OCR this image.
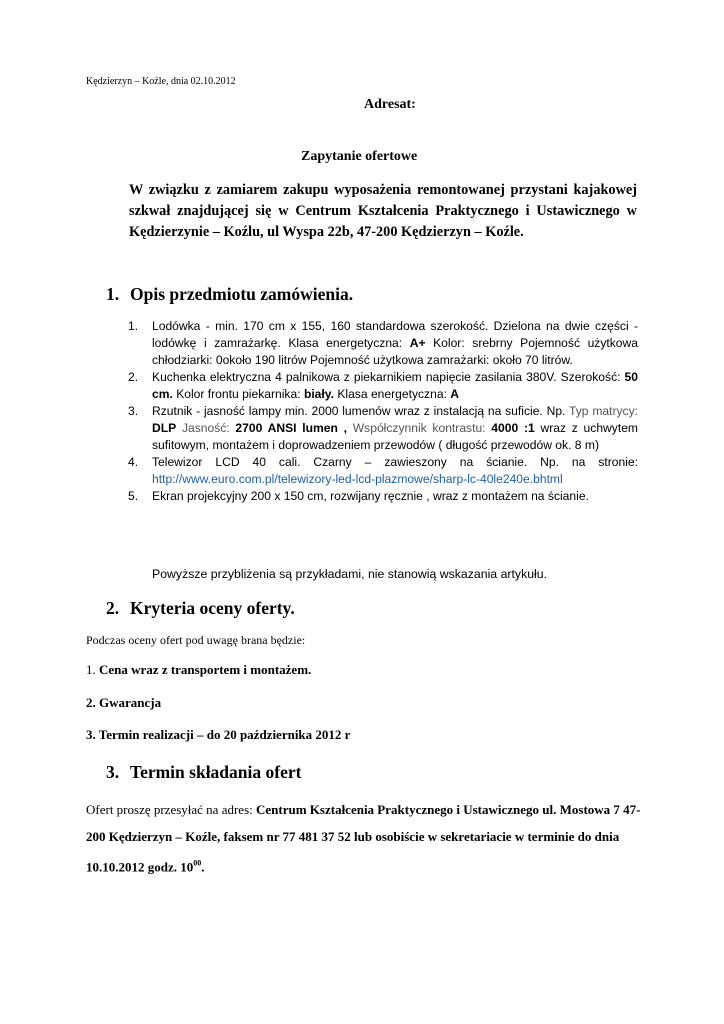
Kędzierzyn – Koźle, dnia 02.10.2012
Adresat:
Zapytanie ofertowe
W związku z zamiarem zakupu wyposażenia remontowanej przystani kajakowej szkwał znajdującej się w Centrum Kształcenia Praktycznego i Ustawicznego w Kędzierzynie – Koźlu, ul Wyspa 22b, 47-200 Kędzierzyn – Koźle.
1. Opis przedmiotu zamówienia.
1. Lodówka - min. 170 cm x 155, 160 standardowa szerokość. Dzielona na dwie części - lodówkę i zamrażarkę. Klasa energetyczna: A+ Kolor: srebrny Pojemność użytkowa chłodziarki: 0około 190 litrów Pojemność użytkowa zamrażarki: około 70 litrów.
2. Kuchenka elektryczna 4 palnikowa z piekarnikiem napięcie zasilania 380V. Szerokość: 50 cm. Kolor frontu piekarnika: biały. Klasa energetyczna: A
3. Rzutnik - jasność lampy min. 2000 lumenów wraz z instalacją na suficie. Np. Typ matrycy: DLP Jasność: 2700 ANSI lumen , Współczynnik kontrastu: 4000 :1 wraz z uchwytem sufitowym, montażem i doprowadzeniem przewodów ( długość przewodów ok. 8 m)
4. Telewizor LCD 40 cali. Czarny – zawieszony na ścianie. Np. na stronie: http://www.euro.com.pl/telewizory-led-lcd-plazmowe/sharp-lc-40le240e.bhtml
5. Ekran projekcyjny 200 x 150 cm, rozwijany ręcznie , wraz z montażem na ścianie.
Powyższe przybliżenia są przykładami, nie stanowią wskazania artykułu.
2. Kryteria oceny oferty.
Podczas oceny ofert pod uwagę brana będzie:
1. Cena wraz z transportem i montażem.
2. Gwarancja
3. Termin realizacji – do 20 października 2012 r
3. Termin składania ofert
Ofert proszę przesyłać na adres: Centrum Kształcenia Praktycznego i Ustawicznego ul. Mostowa 7 47-200 Kędzierzyn – Koźle, faksem nr 77 481 37 52 lub osobiście w sekretariacie w terminie do dnia 10.10.2012 godz. $10^{00}$.
